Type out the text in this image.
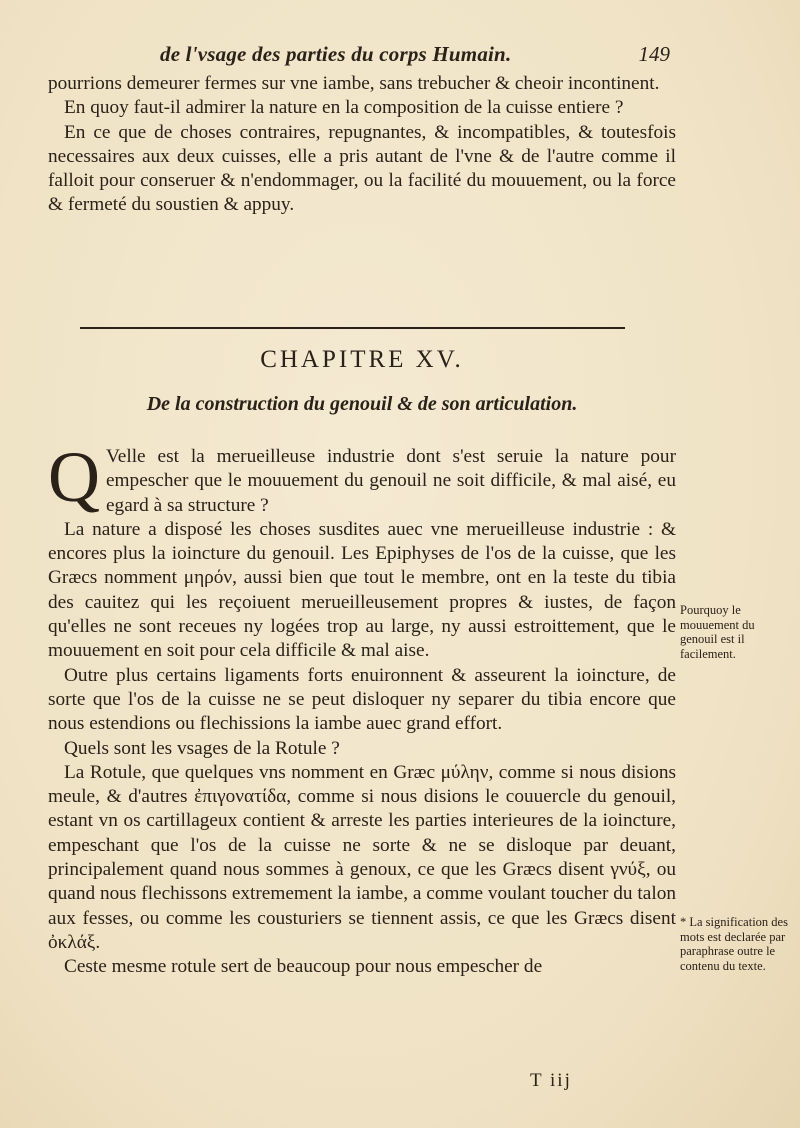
de l'vsage des parties du corps Humain.	149

pourrions demeurer fermes sur vne iambe, sans trebucher & cheoir incontinent.

En quoy faut-il admirer la nature en la composition de la cuisse entiere ?

En ce que de choses contraires, repugnantes, & incompatibles, & toutesfois necessaires aux deux cuisses, elle a pris autant de l'vne & de l'autre comme il falloit pour conseruer & n'endommager, ou la facilité du mouuement, ou la force & fermeté du soustien & appuy.

CHAPITRE XV.
De la construction du genouil & de son articulation.

Q Velle est la merueilleuse industrie dont s'est seruie la nature pour empescher que le mouuement du genouil ne soit difficile, & mal aisé, eu egard à sa structure ?

La nature a disposé les choses susdites auec vne merueilleuse industrie : & encores plus la ioincture du genouil. Les Epiphyses de l'os de la cuisse, que les Græcs nomment μηρόν, aussi bien que tout le membre, ont en la teste du tibia des cauitez qui les reçoiuent merueilleusement propres & iustes, de façon qu'elles ne sont receues ny logées trop au large, ny aussi estroittement, que le mouuement en soit pour cela difficile & mal aise.

Outre plus certains ligaments forts enuironnent & asseurent la ioincture, de sorte que l'os de la cuisse ne se peut disloquer ny separer du tibia encore que nous estendions ou flechissions la iambe auec grand effort.

Quels sont les vsages de la Rotule ?

La Rotule, que quelques vns nomment en Græc μύλην, comme si nous disions meule, & d'autres ἐπιγονατίδα, comme si nous disions le couuercle du genouil, estant vn os cartillageux contient & arreste les parties interieures de la ioincture, empeschant que l'os de la cuisse ne sorte & ne se disloque par deuant, principalement quand nous sommes à genoux, ce que les Græcs disent γνύξ, ou quand nous flechissons extremement la iambe, a comme voulant toucher du talon aux fesses, ou comme les cousturiers se tiennent assis, ce que les Græcs disent ὀκλάξ.

Ceste mesme rotule sert de beaucoup pour nous empescher de

Pourquoy le mouuement du genouil est il facilement.
* La signification des mots est declarée par paraphrase outre le contenu du texte.
T iij
